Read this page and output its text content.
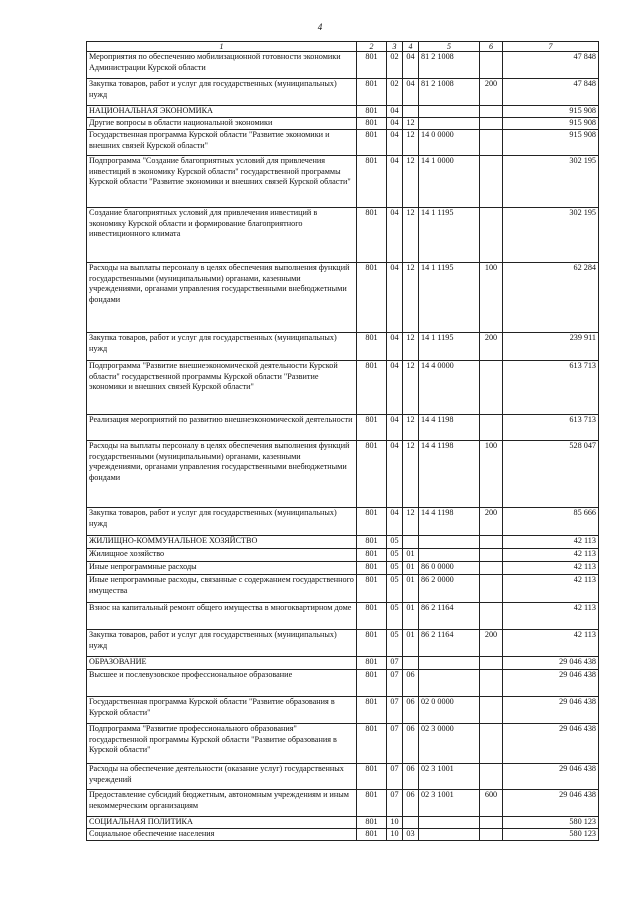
4
1	2	3	4	5	6	7
Мероприятия по обеспечению мобилизационной готовности экономики Администрации Курской области	801	02	04	81 2 1008		47 848
Закупка товаров, работ и услуг для государственных (муниципальных) нужд	801	02	04	81 2 1008	200	47 848
НАЦИОНАЛЬНАЯ ЭКОНОМИКА	801	04				915 908
Другие вопросы в области национальной экономики	801	04	12			915 908
Государственная программа Курской области "Развитие экономики и внешних связей Курской области"	801	04	12	14 0 0000		915 908
Подпрограмма "Создание благоприятных условий для привлечения инвестиций в экономику Курской области" государственной программы Курской области "Развитие экономики и внешних связей Курской области"	801	04	12	14 1 0000		302 195
Создание благоприятных условий для привлечения инвестиций в экономику Курской области и формирование благоприятного инвестиционного климата	801	04	12	14 1 1195		302 195
Расходы на выплаты персоналу в целях обеспечения выполнения функций государственными (муниципальными) органами, казенными учреждениями, органами управления государственными внебюджетными фондами	801	04	12	14 1 1195	100	62 284
Закупка товаров, работ и услуг для государственных (муниципальных) нужд	801	04	12	14 1 1195	200	239 911
Подпрограмма "Развитие внешнеэкономической деятельности Курской области" государственной программы Курской области "Развитие экономики и внешних связей Курской области"	801	04	12	14 4 0000		613 713
Реализация мероприятий по развитию внешнеэкономической деятельности	801	04	12	14 4 1198		613 713
Расходы на выплаты персоналу в целях обеспечения выполнения функций государственными (муниципальными) органами, казенными учреждениями, органами управления государственными внебюджетными фондами	801	04	12	14 4 1198	100	528 047
Закупка товаров, работ и услуг для государственных (муниципальных) нужд	801	04	12	14 4 1198	200	85 666
ЖИЛИЩНО-КОММУНАЛЬНОЕ ХОЗЯЙСТВО	801	05				42 113
Жилищное хозяйство	801	05	01			42 113
Иные непрограммные расходы	801	05	01	86 0 0000		42 113
Иные непрограммные расходы, связанные с содержанием государственного имущества	801	05	01	86 2 0000		42 113
Взнос на капитальный ремонт общего имущества в многоквартирном доме	801	05	01	86 2 1164		42 113
Закупка товаров, работ и услуг для государственных (муниципальных) нужд	801	05	01	86 2 1164	200	42 113
ОБРАЗОВАНИЕ	801	07				29 046 438
Высшее и послевузовское профессиональное образование	801	07	06			29 046 438
Государственная программа Курской области "Развитие образования в Курской области"	801	07	06	02 0 0000		29 046 438
Подпрограмма "Развитие профессионального образования" государственной программы Курской области "Развитие образования в Курской области"	801	07	06	02 3 0000		29 046 438
Расходы на обеспечение деятельности (оказание услуг) государственных учреждений	801	07	06	02 3 1001		29 046 438
Предоставление субсидий бюджетным, автономным учреждениям и иным некоммерческим организациям	801	07	06	02 3 1001	600	29 046 438
СОЦИАЛЬНАЯ ПОЛИТИКА	801	10				580 123
Социальное обеспечение населения	801	10	03			580 123
